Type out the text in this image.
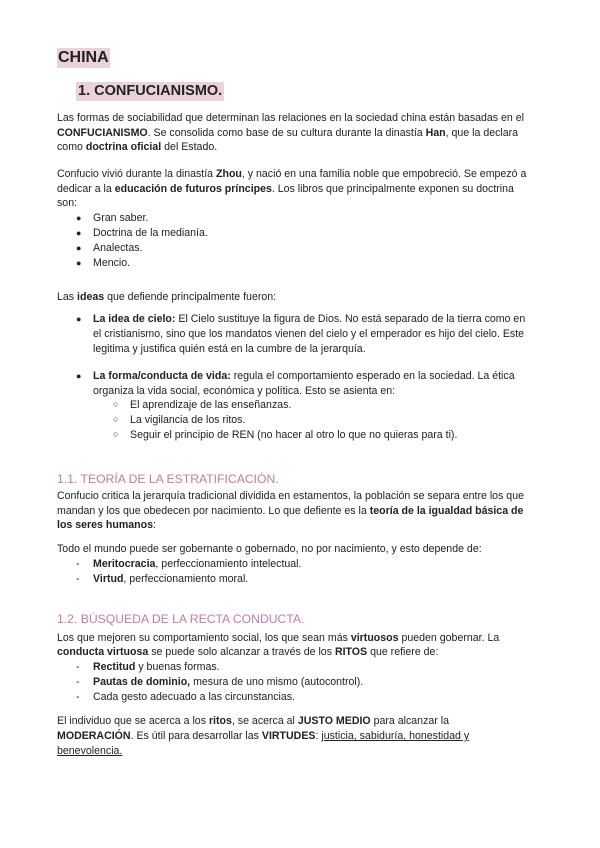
CHINA
1. CONFUCIANISMO.
Las formas de sociabilidad que determinan las relaciones en la sociedad china están basadas en el
CONFUCIANISMO. Se consolida como base de su cultura durante la dinastía Han, que la declara
como doctrina oficial del Estado.
Confucio vivió durante la dinastía Zhou, y nació en una familia noble que empobreció. Se empezó a
dedicar a la educación de futuros príncipes. Los libros que principalmente exponen su doctrina
son:
● Gran saber.
● Doctrina de la medianía.
● Analectas.
● Mencio.
Las ideas que defiende principalmente fueron:
● La idea de cielo: El Cielo sustituye la figura de Dios. No está separado de la tierra como en
el cristianismo, sino que los mandatos vienen del cielo y el emperador es hijo del cielo. Este
legitima y justifica quién está en la cumbre de la jerarquía.
● La forma/conducta de vida: regula el comportamiento esperado en la sociedad. La ética
organiza la vida social, económica y política. Esto se asienta en:
○ El aprendizaje de las enseñanzas.
○ La vigilancia de los ritos.
○ Seguir el principio de REN (no hacer al otro lo que no quieras para ti).
1.1. TEORÍA DE LA ESTRATIFICACIÓN.
Confucio critica la jerarquía tradicional dividida en estamentos, la población se separa entre los que
mandan y los que obedecen por nacimiento. Lo que defiente es la teoría de la igualdad básica de
los seres humanos:
Todo el mundo puede ser gobernante o gobernado, no por nacimiento, y esto depende de:
- Meritocracia, perfeccionamiento intelectual.
- Virtud, perfeccionamiento moral.
1.2. BÚSQUEDA DE LA RECTA CONDUCTA.
Los que mejoren su comportamiento social, los que sean más virtuosos pueden gobernar. La
conducta virtuosa se puede solo alcanzar a través de los RITOS que refiere de:
- Rectitud y buenas formas.
- Pautas de dominio, mesura de uno mismo (autocontrol).
- Cada gesto adecuado a las circunstancias.
El individuo que se acerca a los ritos, se acerca al JUSTO MEDIO para alcanzar la
MODERACIÓN. Es útil para desarrollar las VIRTUDES: justicia, sabiduría, honestidad y
benevolencia.
